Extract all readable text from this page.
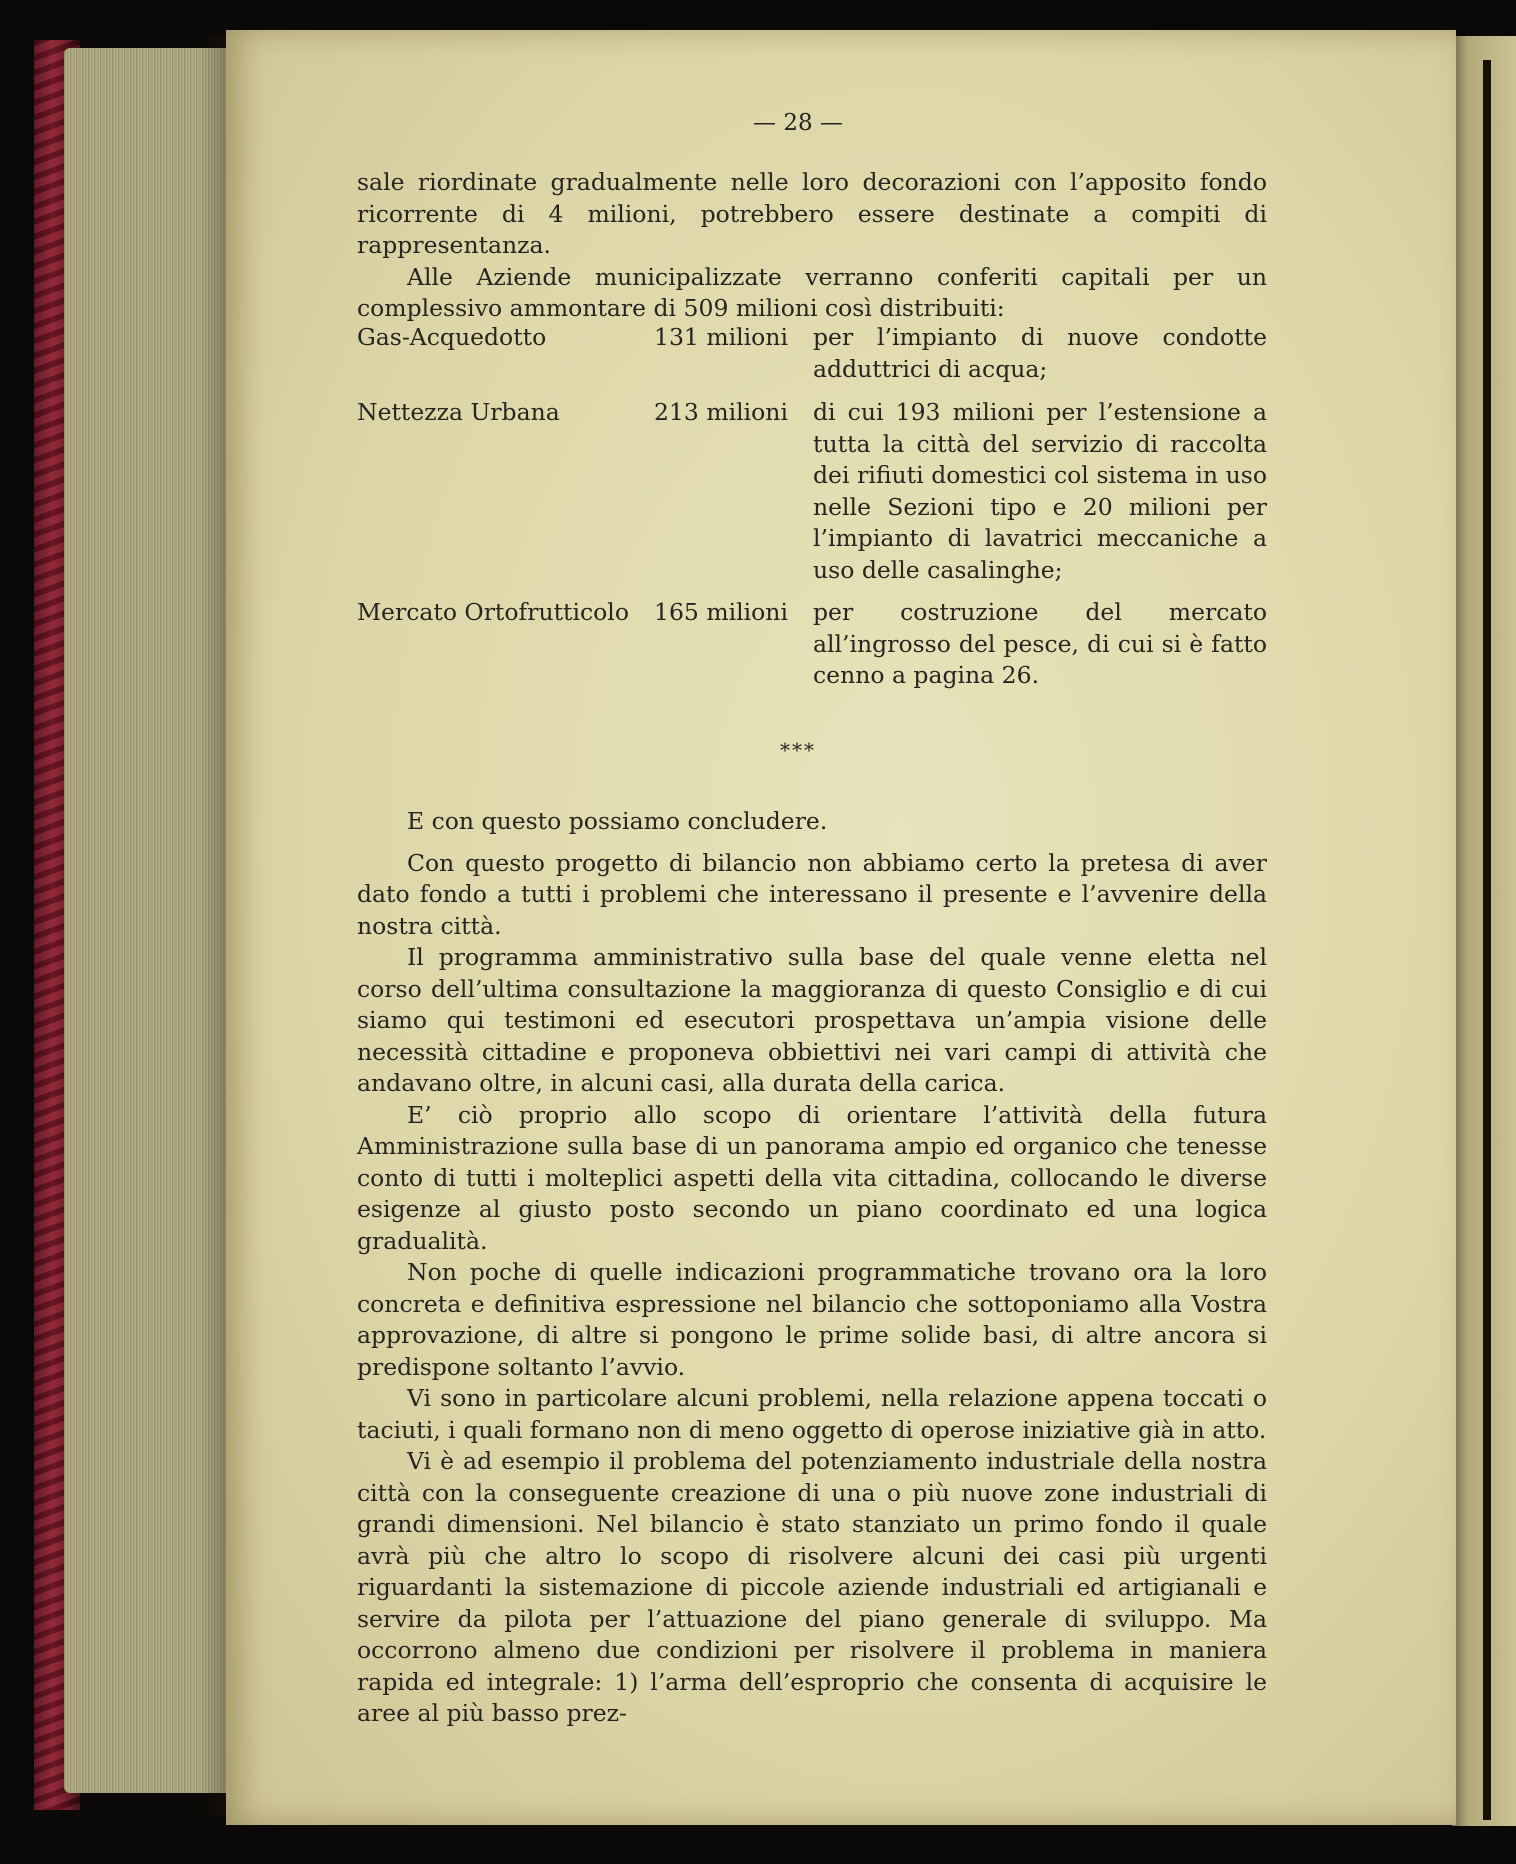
— 28 —

sale riordinate gradualmente nelle loro decorazioni con l’apposito fondo ricorrente di 4 milioni, potrebbero essere destinate a compiti di rappresentanza.

Alle Aziende municipalizzate verranno conferiti capitali per un complessivo ammontare di 509 milioni così distribuiti:

Gas-Acquedotto	131 milioni per l’impianto di nuove condotte adduttrici di acqua;
Nettezza Urbana	213 milioni di cui 193 milioni per l’estensione a tutta la città del servizio di raccolta dei rifiuti domestici col sistema in uso nelle Sezioni tipo e 20 milioni per l’impianto di lavatrici meccaniche a uso delle casalinghe;
Mercato Ortofrutticolo 165 milioni per costruzione del mercato all’ingrosso del pesce, di cui si è fatto cenno a pagina 26.
***

E con questo possiamo concludere.

Con questo progetto di bilancio non abbiamo certo la pretesa di aver dato fondo a tutti i problemi che interessano il presente e l’avvenire della nostra città.

Il programma amministrativo sulla base del quale venne eletta nel corso dell’ultima consultazione la maggioranza di questo Consiglio e di cui siamo qui testimoni ed esecutori prospettava un’ampia visione delle necessità cittadine e proponeva obbiettivi nei vari campi di attività che andavano oltre, in alcuni casi, alla durata della carica.

E’ ciò proprio allo scopo di orientare l’attività della futura Amministrazione sulla base di un panorama ampio ed organico che tenesse conto di tutti i molteplici aspetti della vita cittadina, collocando le diverse esigenze al giusto posto secondo un piano coordinato ed una logica gradualità.

Non poche di quelle indicazioni programmatiche trovano ora la loro concreta e definitiva espressione nel bilancio che sottoponiamo alla Vostra approvazione, di altre si pongono le prime solide basi, di altre ancora si predispone soltanto l’avvio.

Vi sono in particolare alcuni problemi, nella relazione appena toccati o taciuti, i quali formano non di meno oggetto di operose iniziative già in atto.

Vi è ad esempio il problema del potenziamento industriale della nostra città con la conseguente creazione di una o più nuove zone industriali di grandi dimensioni. Nel bilancio è stato stanziato un primo fondo il quale avrà più che altro lo scopo di risolvere alcuni dei casi più urgenti riguardanti la sistemazione di piccole aziende industriali ed artigianali e servire da pilota per l’attuazione del piano generale di sviluppo. Ma occorrono almeno due condizioni per risolvere il problema in maniera rapida ed integrale: 1) l’arma dell’esproprio che consenta di acquisire le aree al più basso prez-
